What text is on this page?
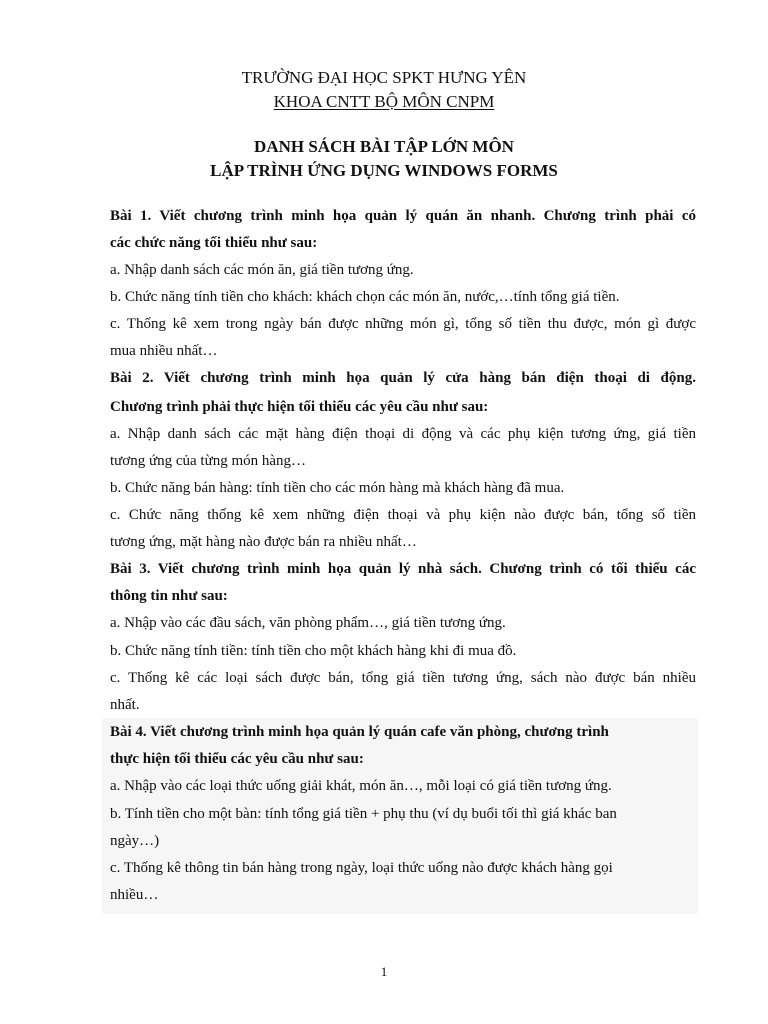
TRƯỜNG ĐẠI HỌC SPKT HƯNG YÊN
KHOA CNTT BỘ MÔN CNPM
DANH SÁCH BÀI TẬP LỚN MÔN
LẬP TRÌNH ỨNG DỤNG WINDOWS FORMS
Bài 1. Viết chương trình minh họa quản lý quán ăn nhanh. Chương trình phải có
các chức năng tối thiểu như sau:
a. Nhập danh sách các món ăn, giá tiền tương ứng.
b. Chức năng tính tiền cho khách: khách chọn các món ăn, nước,…tính tổng giá tiền.
c. Thống kê xem trong ngày bán được những món gì, tổng số tiền thu được, món gì được
mua nhiều nhất…
Bài 2. Viết chương trình minh họa quản lý cửa hàng bán điện thoại di động.
Chương trình phải thực hiện tối thiểu các yêu cầu như sau:
a. Nhập danh sách các mặt hàng điện thoại di động và các phụ kiện tương ứng, giá tiền
tương ứng của từng món hàng…
b. Chức năng bán hàng: tính tiền cho các món hàng mà khách hàng đã mua.
c. Chức năng thống kê xem những điện thoại và phụ kiện nào được bán, tổng số tiền
tương ứng, mặt hàng nào được bán ra nhiều nhất…
Bài 3. Viết chương trình minh họa quản lý nhà sách. Chương trình có tối thiểu các
thông tin như sau:
a. Nhập vào các đầu sách, văn phòng phẩm…, giá tiền tương ứng.
b. Chức năng tính tiền: tính tiền cho một khách hàng khi đi mua đồ.
c. Thống kê các loại sách được bán, tổng giá tiền tương ứng, sách nào được bán nhiều
nhất.
Bài 4. Viết chương trình minh họa quản lý quán cafe văn phòng, chương trình
thực hiện tối thiểu các yêu cầu như sau:
a. Nhập vào các loại thức uống giải khát, món ăn…, mỗi loại có giá tiền tương ứng.
b. Tính tiền cho một bàn: tính tổng giá tiền + phụ thu (ví dụ buổi tối thì giá khác ban
ngày…)
c. Thống kê thông tin bán hàng trong ngày, loại thức uống nào được khách hàng gọi
nhiều…
1
